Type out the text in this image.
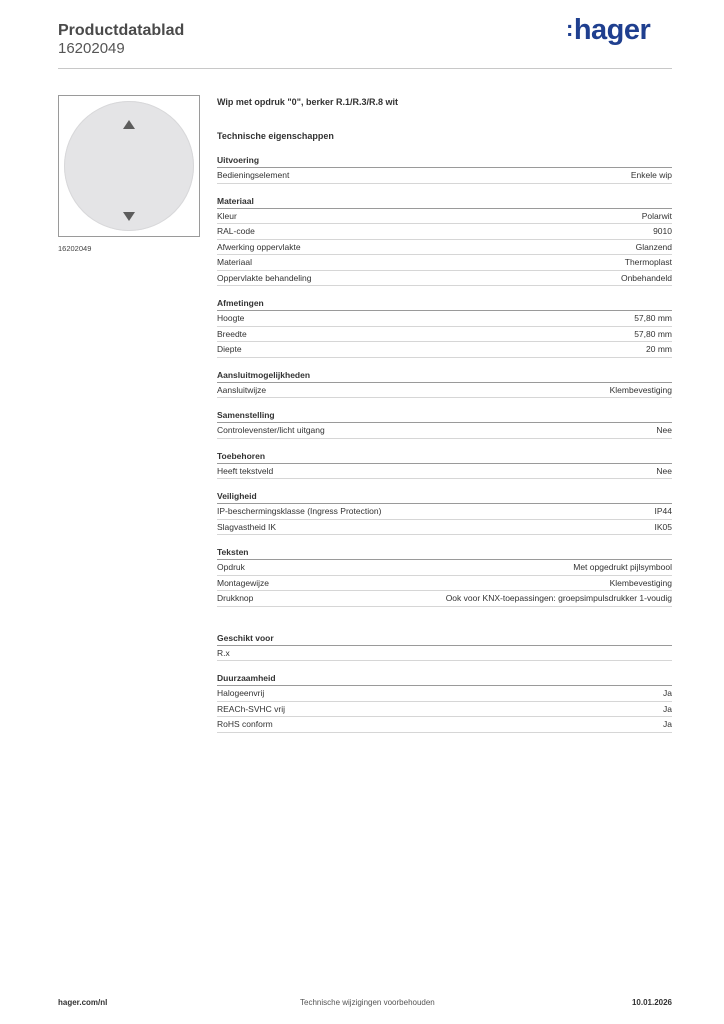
Productdatablad
16202049
:hager
16202049
Wip met opdruk "0", berker R.1/R.3/R.8 wit
Technische eigenschappen
Uitvoering
Bedieningselement	Enkele wip
Materiaal
Kleur	Polarwit
RAL-code	9010
Afwerking oppervlakte	Glanzend
Materiaal	Thermoplast
Oppervlakte behandeling	Onbehandeld
Afmetingen
Hoogte	57,80 mm
Breedte	57,80 mm
Diepte	20 mm
Aansluitmogelijkheden
Aansluitwijze	Klembevestiging
Samenstelling
Controlevenster/licht uitgang	Nee
Toebehoren
Heeft tekstveld	Nee
Veiligheid
IP-beschermingsklasse (Ingress Protection)	IP44
Slagvastheid IK	IK05
Teksten
Opdruk	Met opgedrukt pijlsymbool
Montagewijze	Klembevestiging
Drukknop	Ook voor KNX-toepassingen: groepsimpulsdrukker 1-voudig
Geschikt voor
R.x
Duurzaamheid
Halogeenvrij	Ja
REACh-SVHC vrij	Ja
RoHS conform	Ja
hager.com/nl	Technische wijzigingen voorbehouden	10.01.2026
